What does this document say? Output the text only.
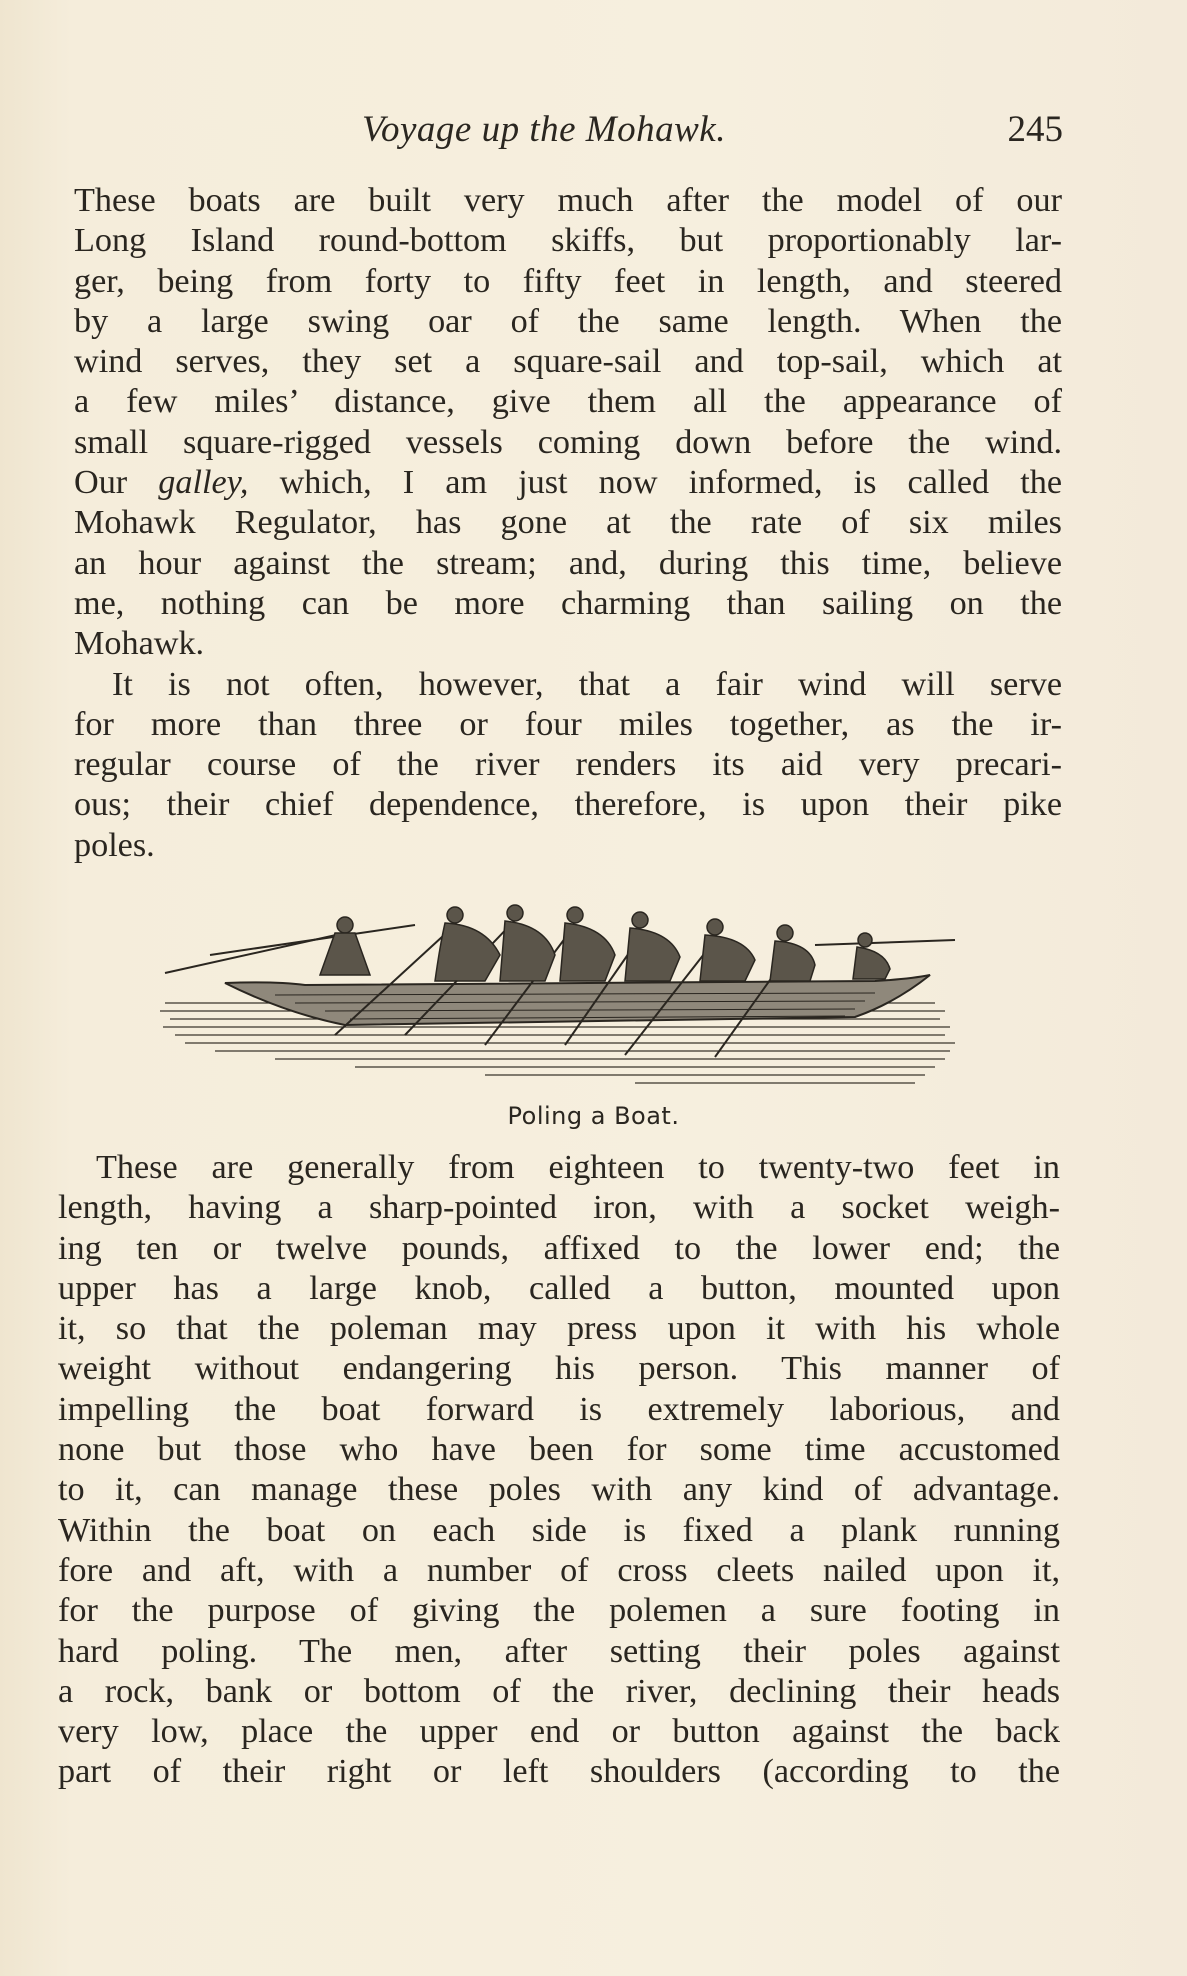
Voyage up the Mohawk.	245
These boats are built very much after the model of our
Long Island round-bottom skiffs, but proportionably lar-
ger, being from forty to fifty feet in length, and steered
by a large swing oar of the same length. When the
wind serves, they set a square-sail and top-sail, which at
a few miles’ distance, give them all the appearance of
small square-rigged vessels coming down before the wind.
Our galley, which, I am just now informed, is called the
Mohawk Regulator, has gone at the rate of six miles
an hour against the stream; and, during this time, believe
me, nothing can be more charming than sailing on the
Mohawk.
It is not often, however, that a fair wind will serve
for more than three or four miles together, as the ir-
regular course of the river renders its aid very precari-
ous; their chief dependence, therefore, is upon their pike
poles.
Poling a Boat.
These are generally from eighteen to twenty-two feet in
length, having a sharp-pointed iron, with a socket weigh-
ing ten or twelve pounds, affixed to the lower end; the
upper has a large knob, called a button, mounted upon
it, so that the poleman may press upon it with his whole
weight without endangering his person. This manner of
impelling the boat forward is extremely laborious, and
none but those who have been for some time accustomed
to it, can manage these poles with any kind of advantage.
Within the boat on each side is fixed a plank running
fore and aft, with a number of cross cleets nailed upon it,
for the purpose of giving the polemen a sure footing in
hard poling. The men, after setting their poles against
a rock, bank or bottom of the river, declining their heads
very low, place the upper end or button against the back
part of their right or left shoulders (according to the
